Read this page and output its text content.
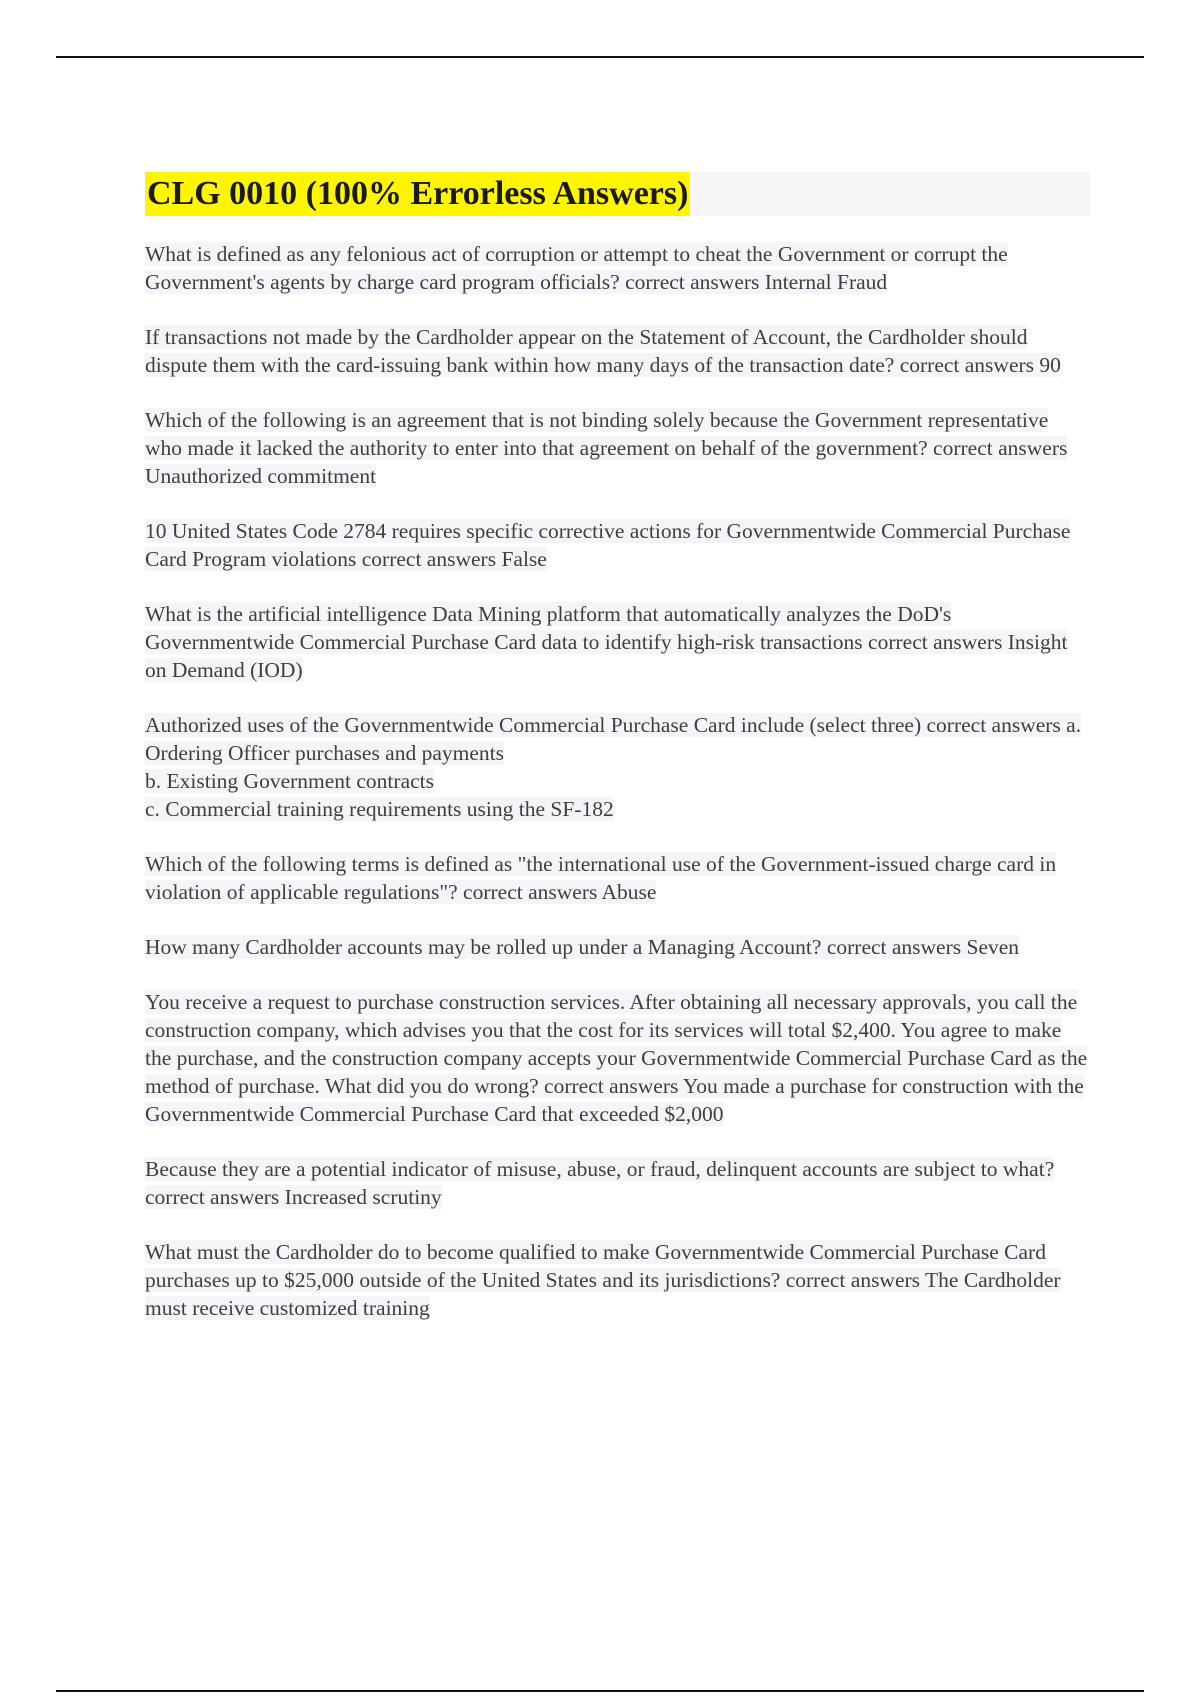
CLG 0010 (100% Errorless Answers)

What is defined as any felonious act of corruption or attempt to cheat the Government or corrupt the Government's agents by charge card program officials? correct answers Internal Fraud

If transactions not made by the Cardholder appear on the Statement of Account, the Cardholder should dispute them with the card-issuing bank within how many days of the transaction date? correct answers 90

Which of the following is an agreement that is not binding solely because the Government representative who made it lacked the authority to enter into that agreement on behalf of the government? correct answers Unauthorized commitment

10 United States Code 2784 requires specific corrective actions for Governmentwide Commercial Purchase Card Program violations correct answers False

What is the artificial intelligence Data Mining platform that automatically analyzes the DoD's Governmentwide Commercial Purchase Card data to identify high-risk transactions correct answers Insight on Demand (IOD)

Authorized uses of the Governmentwide Commercial Purchase Card include (select three) correct answers a. Ordering Officer purchases and payments
b. Existing Government contracts
c. Commercial training requirements using the SF-182

Which of the following terms is defined as "the international use of the Government-issued charge card in violation of applicable regulations"? correct answers Abuse

How many Cardholder accounts may be rolled up under a Managing Account? correct answers Seven

You receive a request to purchase construction services. After obtaining all necessary approvals, you call the construction company, which advises you that the cost for its services will total $2,400. You agree to make the purchase, and the construction company accepts your Governmentwide Commercial Purchase Card as the method of purchase. What did you do wrong? correct answers You made a purchase for construction with the Governmentwide Commercial Purchase Card that exceeded $2,000

Because they are a potential indicator of misuse, abuse, or fraud, delinquent accounts are subject to what? correct answers Increased scrutiny

What must the Cardholder do to become qualified to make Governmentwide Commercial Purchase Card purchases up to $25,000 outside of the United States and its jurisdictions? correct answers The Cardholder must receive customized training
